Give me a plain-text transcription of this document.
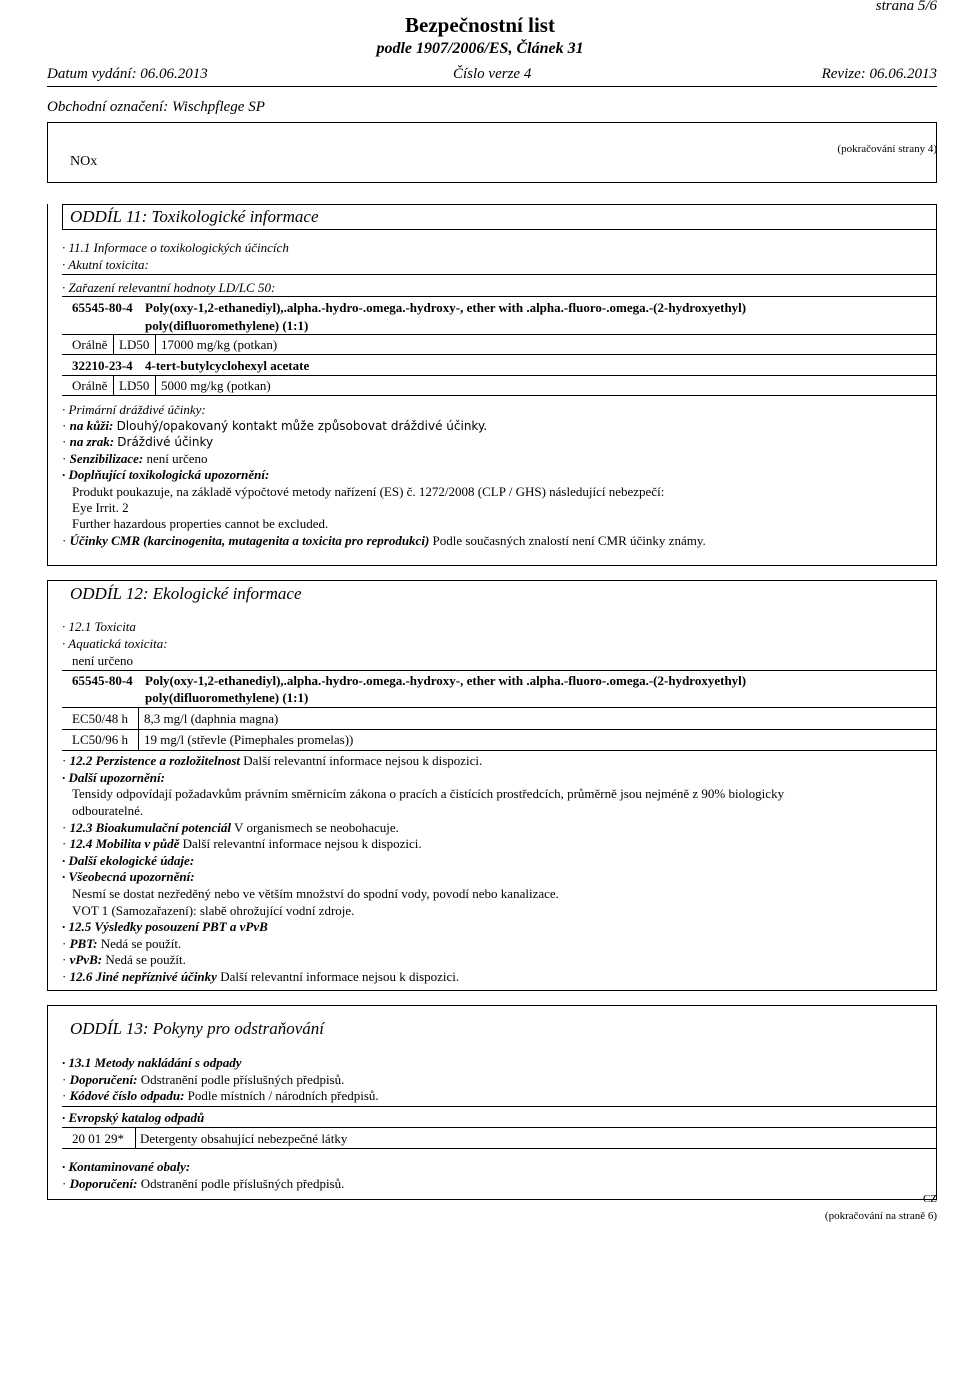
strana 5/6
Bezpečnostní list
podle 1907/2006/ES, Článek 31
Datum vydání: 06.06.2013	Číslo verze 4	Revize: 06.06.2013
Obchodní označení: Wischpflege SP
NOx
(pokračování strany 4)
ODDÍL 11: Toxikologické informace
· 11.1 Informace o toxikologických účincích
· Akutní toxicita:
· Zařazení relevantní hodnoty LD/LC 50:
65545-80-4 Poly(oxy-1,2-ethanediyl),.alpha.-hydro-.omega.-hydroxy-, ether with .alpha.-fluoro-.omega.-(2-hydroxyethyl)
poly(difluoromethylene) (1:1)
Orálně LD50 17000 mg/kg (potkan)
32210-23-4 4-tert-butylcyclohexyl acetate
Orálně LD50 5000 mg/kg (potkan)
· Primární dráždivé účinky:
· na kůži: Dlouhý/opakovaný kontakt může způsobovat dráždivé účinky.
· na zrak: Dráždivé účinky
· Senzibilizace: není určeno
· Doplňující toxikologická upozornění:
Produkt poukazuje, na základě výpočtové metody nařízení (ES) č. 1272/2008 (CLP / GHS) následující nebezpečí:
Eye Irrit. 2
Further hazardous properties cannot be excluded.
· Účinky CMR (karcinogenita, mutagenita a toxicita pro reprodukci) Podle současných znalostí není CMR účinky známy.
ODDÍL 12: Ekologické informace
· 12.1 Toxicita
· Aquatická toxicita:
není určeno
65545-80-4 Poly(oxy-1,2-ethanediyl),.alpha.-hydro-.omega.-hydroxy-, ether with .alpha.-fluoro-.omega.-(2-hydroxyethyl)
poly(difluoromethylene) (1:1)
EC50/48 h 8,3 mg/l (daphnia magna)
LC50/96 h 19 mg/l (střevle (Pimephales promelas))
· 12.2 Perzistence a rozložitelnost Další relevantní informace nejsou k dispozici.
· Další upozornění:
Tensidy odpovídají požadavkům právním směrnicím zákona o pracích a čistících prostředcích, průměrně jsou nejméně z 90% biologicky
odbouratelné.
· 12.3 Bioakumulační potenciál V organismech se neobohacuje.
· 12.4 Mobilita v půdě Další relevantní informace nejsou k dispozici.
· Další ekologické údaje:
· Všeobecná upozornění:
Nesmí se dostat nezředěný nebo ve větším množství do spodní vody, povodí nebo kanalizace.
VOT 1 (Samozařazení): slabě ohrožující vodní zdroje.
· 12.5 Výsledky posouzení PBT a vPvB
· PBT: Nedá se použít.
· vPvB: Nedá se použít.
· 12.6 Jiné nepříznivé účinky Další relevantní informace nejsou k dispozici.
ODDÍL 13: Pokyny pro odstraňování
· 13.1 Metody nakládání s odpady
· Doporučení: Odstranění podle příslušných předpisů.
· Kódové číslo odpadu: Podle místních / národních předpisů.
· Evropský katalog odpadů
20 01 29* Detergenty obsahující nebezpečné látky
· Kontaminované obaly:
· Doporučení: Odstranění podle příslušných předpisů.
CZ
(pokračování na straně 6)
